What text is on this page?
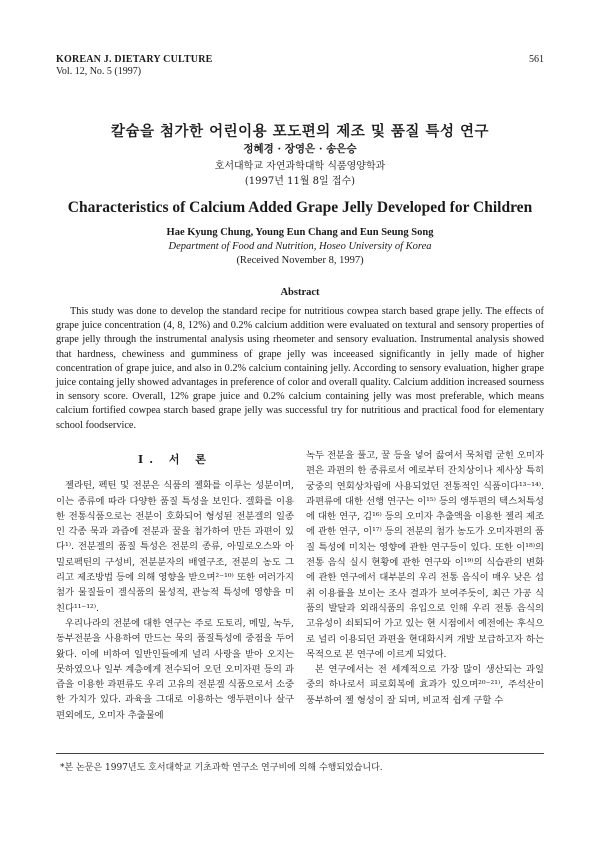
KOREAN J. DIETARY CULTURE
Vol. 12, No. 5 (1997)
561
칼슘을 첨가한 어린이용 포도편의 제조 및 품질 특성 연구
정혜경 · 장영은 · 송은승
호서대학교 자연과학대학 식품영양학과
(1997년 11월 8일 접수)
Characteristics of Calcium Added Grape Jelly Developed for Children
Hae Kyung Chung, Young Eun Chang and Eun Seung Song
Department of Food and Nutrition, Hoseo University of Korea
(Received November 8, 1997)
Abstract

This study was done to develop the standard recipe for nutritious cowpea starch based grape jelly. The effects of grape juice concentration (4, 8, 12%) and 0.2% calcium addition were evaluated on textural and sensory properties of grape jelly through the instrumental analysis using rheometer and sensory evaluation. Instrumental analysis showed that hardness, chewiness and gumminess of grape jelly was inceeased significantly in jelly made of higher concentration of grape juice, and also in 0.2% calcium containing jelly. According to sensory evaluation, higher grape juice containg jelly showed advantages in preference of color and overall quality. Calcium addition increased sourness in sensory score. Overall, 12% grape juice and 0.2% calcium containing jelly was most preferable, which means calcium fortified cowpea starch based grape jelly was successful try for nutritious and practical food for elementary school foodservice.

I. 서 론

젤라틴, 펙틴 및 전분은 식품의 젤화를 이루는 성분이며, 이는 종류에 따라 다양한 품질 특성을 보인다. 겔화를 이용한 전통식품으로는 전분이 호화되어 형성된 전분겔의 일종인 각종 묵과 과즙에 전분과 꿀을 첨가하여 만든 과편이 있다¹⁾. 전분겔의 품질 특성은 전분의 종류, 아밀로오스와 아밀로펙틴의 구성비, 전분분자의 배열구조, 전분의 농도 그리고 제조방법 등에 의해 영향을 받으며²⁻¹⁰⁾ 또한 여러가지 첨가 물질들이 겔식품의 물성적, 관능적 특성에 영향을 미친다¹¹⁻¹²⁾.

우리나라의 전분에 대한 연구는 주로 도토리, 메밀, 녹두, 동부전분을 사용하여 만드는 묵의 품질특성에 중점을 두어 왔다. 이에 비하여 일반인들에게 널리 사랑을 받아 오지는 못하였으나 일부 계층에게 전수되어 오던 오미자편 등의 과즙을 이용한 과편류도 우리 고유의 전분겔 식품으로서 소중한 가치가 있다. 과육을 그대로 이용하는 앵두편이나 살구편외에도, 오미자 추출물에

녹두 전분을 풀고, 꿀 등을 넣어 끓여서 묵처럼 굳힌 오미자편은 과편의 한 종류로서 예로부터 잔치상이나 제사상 특히 궁중의 연회상차림에 사용되었던 전통적인 식품이다¹³⁻¹⁴⁾. 과편류에 대한 선행 연구는 이¹⁵⁾ 등의 앵두편의 텍스처특성에 대한 연구, 김¹⁶⁾ 등의 오미자 추출액을 이용한 젤리 제조에 관한 연구, 이¹⁷⁾ 등의 전분의 첨가 농도가 오미자편의 품질 특성에 미치는 영향에 관한 연구등이 있다. 또한 이¹⁸⁾의 전통 음식 실시 현황에 관한 연구와 이¹⁹⁾의 식습관의 변화에 관한 연구에서 대부분의 우리 전통 음식이 매우 낮은 섭취 이용률을 보이는 조사 결과가 보여주듯이, 최근 가공 식품의 발달과 외래식품의 유입으로 인해 우리 전통 음식의 고유성이 쇠퇴되어 가고 있는 현 시점에서 예전에는 후식으로 널리 이용되던 과편을 현대화시켜 개발 보급하고자 하는 목적으로 본 연구에 이르게 되었다.

본 연구에서는 전 세계적으로 가장 많이 생산되는 과일 중의 하나로서 피로회복에 효과가 있으며²⁰⁻²¹⁾, 주석산이 풍부하여 젤 형성이 잘 되며, 비교적 쉽게 구할 수

*본 논문은 1997년도 호서대학교 기초과학 연구소 연구비에 의해 수행되었습니다.
